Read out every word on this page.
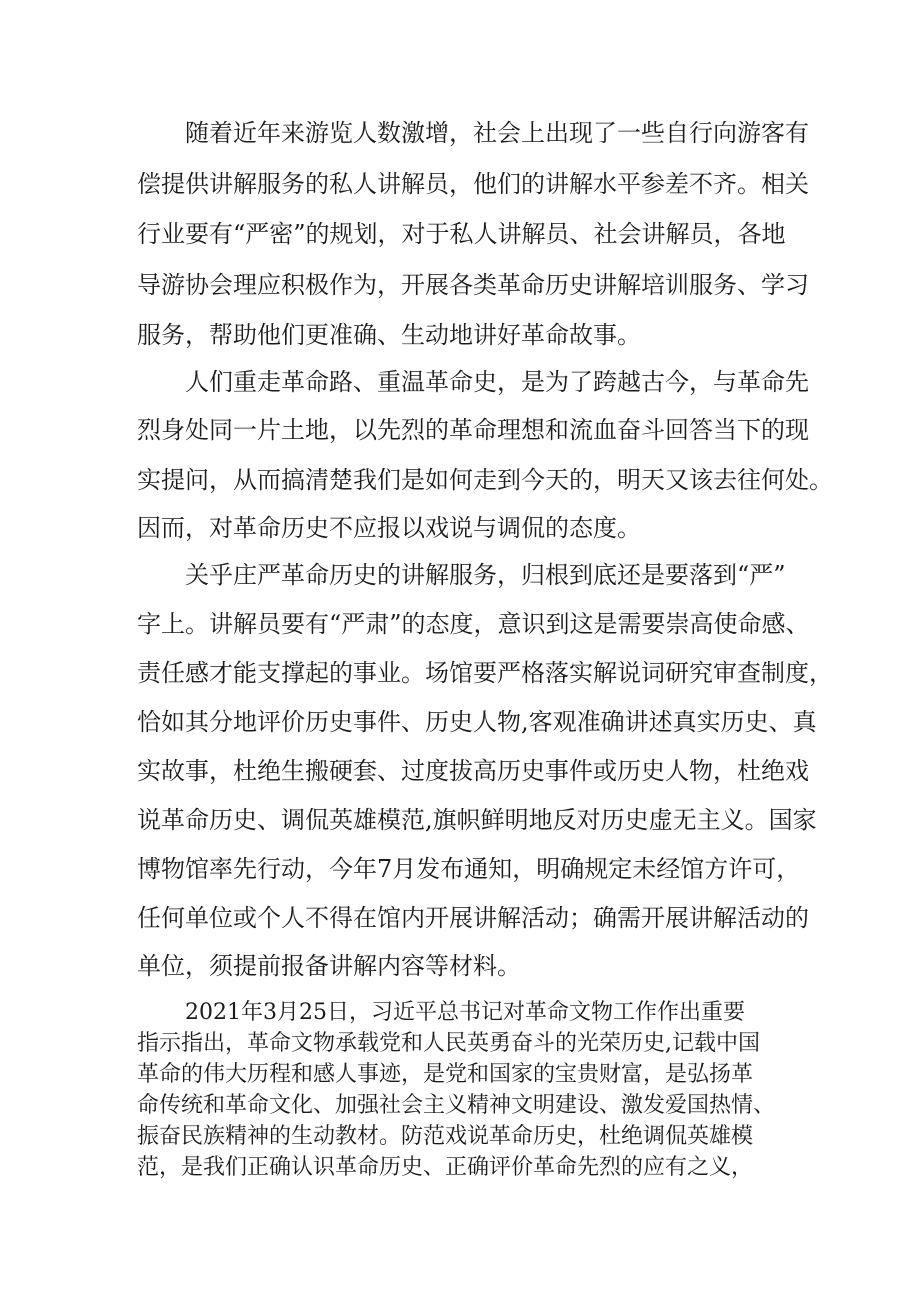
随着近年来游览人数激增，社会上出现了一些自行向游客有

偿提供讲解服务的私人讲解员，他们的讲解水平参差不齐。相关

行业要有“严密”的规划，对于私人讲解员、社会讲解员，各地

导游协会理应积极作为，开展各类革命历史讲解培训服务、学习

服务，帮助他们更准确、生动地讲好革命故事。

人们重走革命路、重温革命史，是为了跨越古今，与革命先

烈身处同一片土地，以先烈的革命理想和流血奋斗回答当下的现

实提问，从而搞清楚我们是如何走到今天的，明天又该去往何处。

因而，对革命历史不应报以戏说与调侃的态度。

关乎庄严革命历史的讲解服务，归根到底还是要落到“严”

字上。讲解员要有“严肃”的态度，意识到这是需要崇高使命感、

责任感才能支撑起的事业。场馆要严格落实解说词研究审查制度，

恰如其分地评价历史事件、历史人物,客观准确讲述真实历史、真

实故事，杜绝生搬硬套、过度拔高历史事件或历史人物，杜绝戏

说革命历史、调侃英雄模范,旗帜鲜明地反对历史虚无主义。国家

博物馆率先行动，今年7月发布通知，明确规定未经馆方许可，

任何单位或个人不得在馆内开展讲解活动；确需开展讲解活动的

单位，须提前报备讲解内容等材料。

2021年3月25日，习近平总书记对革命文物工作作出重要

指示指出，革命文物承载党和人民英勇奋斗的光荣历史,记载中国

革命的伟大历程和感人事迹，是党和国家的宝贵财富，是弘扬革

命传统和革命文化、加强社会主义精神文明建设、激发爱国热情、

振奋民族精神的生动教材。防范戏说革命历史，杜绝调侃英雄模

范，是我们正确认识革命历史、正确评价革命先烈的应有之义，
